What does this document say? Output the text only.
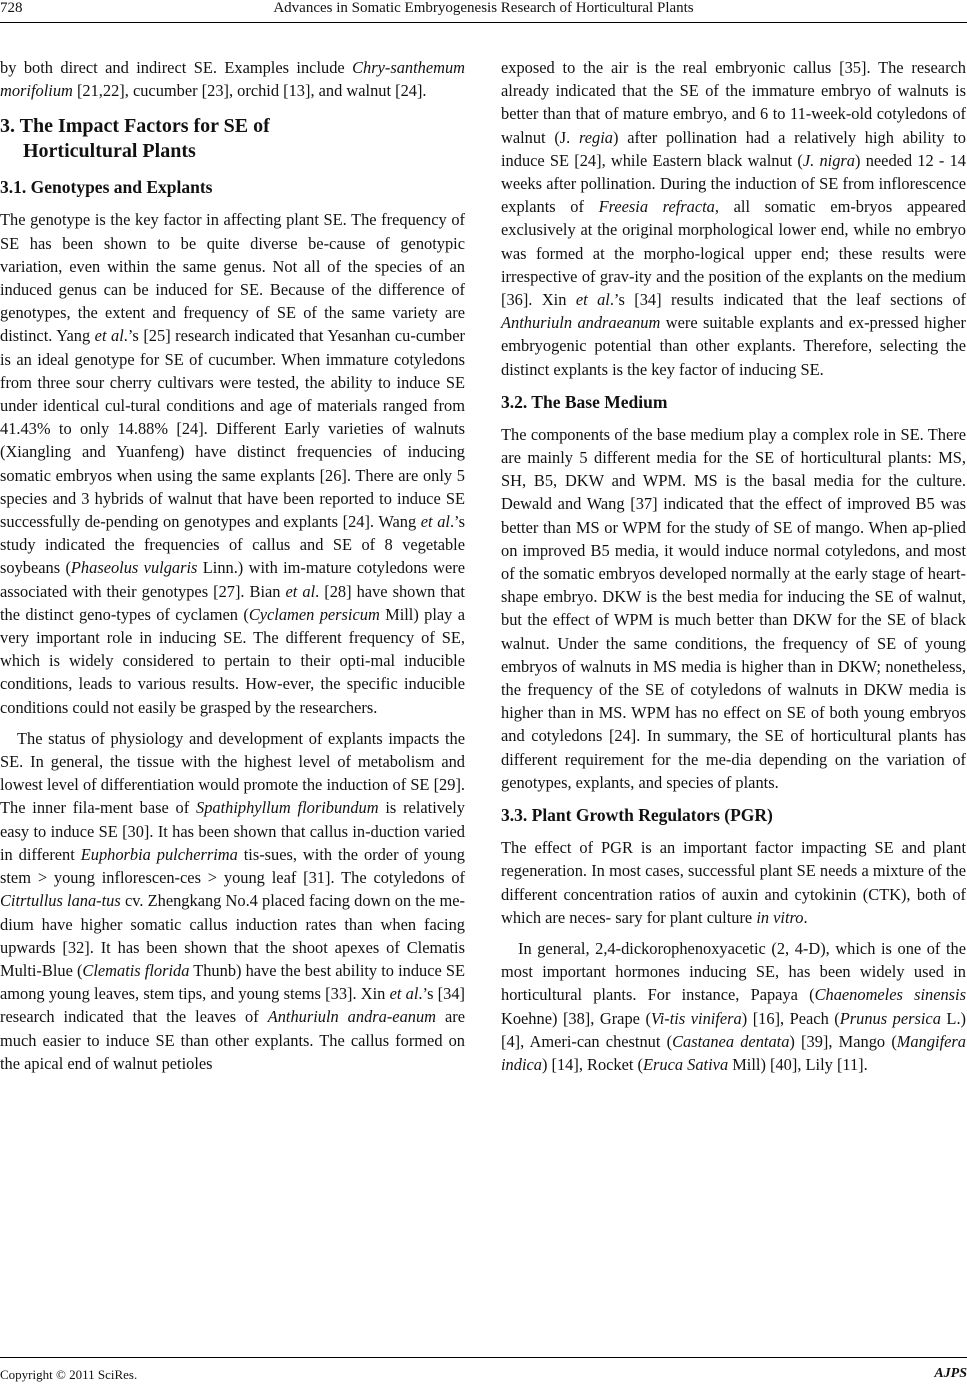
728	Advances in Somatic Embryogenesis Research of Horticultural Plants

by both direct and indirect SE. Examples include Chry-santhemum morifolium [21,22], cucumber [23], orchid [13], and walnut [24].

3. The Impact Factors for SE of
Horticultural Plants
3.1. Genotypes and Explants

The genotype is the key factor in affecting plant SE. The frequency of SE has been shown to be quite diverse be-cause of genotypic variation, even within the same genus. Not all of the species of an induced genus can be induced for SE. Because of the difference of genotypes, the extent and frequency of SE of the same variety are distinct. Yang et al.’s [25] research indicated that Yesanhan cu-cumber is an ideal genotype for SE of cucumber. When immature cotyledons from three sour cherry cultivars were tested, the ability to induce SE under identical cul-tural conditions and age of materials ranged from 41.43% to only 14.88% [24]. Different Early varieties of walnuts (Xiangling and Yuanfeng) have distinct frequencies of inducing somatic embryos when using the same explants [26]. There are only 5 species and 3 hybrids of walnut that have been reported to induce SE successfully de-pending on genotypes and explants [24]. Wang et al.’s study indicated the frequencies of callus and SE of 8 vegetable soybeans (Phaseolus vulgaris Linn.) with im-mature cotyledons were associated with their genotypes [27]. Bian et al. [28] have shown that the distinct geno-types of cyclamen (Cyclamen persicum Mill) play a very important role in inducing SE. The different frequency of SE, which is widely considered to pertain to their opti-mal inducible conditions, leads to various results. How-ever, the specific inducible conditions could not easily be grasped by the researchers.

The status of physiology and development of explants impacts the SE. In general, the tissue with the highest level of metabolism and lowest level of differentiation would promote the induction of SE [29]. The inner fila-ment base of Spathiphyllum floribundum is relatively easy to induce SE [30]. It has been shown that callus in-duction varied in different Euphorbia pulcherrima tis-sues, with the order of young stem > young inflorescen-ces > young leaf [31]. The cotyledons of Citrtullus lana-tus cv. Zhengkang No.4 placed facing down on the me-dium have higher somatic callus induction rates than when facing upwards [32]. It has been shown that the shoot apexes of Clematis Multi-Blue (Clematis florida Thunb) have the best ability to induce SE among young leaves, stem tips, and young stems [33]. Xin et al.’s [34] research indicated that the leaves of Anthuriuln andra-eanum are much easier to induce SE than other explants. The callus formed on the apical end of walnut petioles

exposed to the air is the real embryonic callus [35]. The research already indicated that the SE of the immature embryo of walnuts is better than that of mature embryo, and 6 to 11-week-old cotyledons of walnut (J. regia) after pollination had a relatively high ability to induce SE [24], while Eastern black walnut (J. nigra) needed 12 - 14 weeks after pollination. During the induction of SE from inflorescence explants of Freesia refracta, all somatic em-bryos appeared exclusively at the original morphological lower end, while no embryo was formed at the morpho-logical upper end; these results were irrespective of grav-ity and the position of the explants on the medium [36]. Xin et al.’s [34] results indicated that the leaf sections of Anthuriuln andraeanum were suitable explants and ex-pressed higher embryogenic potential than other explants. Therefore, selecting the distinct explants is the key factor of inducing SE.

3.2. The Base Medium

The components of the base medium play a complex role in SE. There are mainly 5 different media for the SE of horticultural plants: MS, SH, B5, DKW and WPM. MS is the basal media for the culture. Dewald and Wang [37] indicated that the effect of improved B5 was better than MS or WPM for the study of SE of mango. When ap-plied on improved B5 media, it would induce normal cotyledons, and most of the somatic embryos developed normally at the early stage of heart-shape embryo. DKW is the best media for inducing the SE of walnut, but the effect of WPM is much better than DKW for the SE of black walnut. Under the same conditions, the frequency of SE of young embryos of walnuts in MS media is higher than in DKW; nonetheless, the frequency of the SE of cotyledons of walnuts in DKW media is higher than in MS. WPM has no effect on SE of both young embryos and cotyledons [24]. In summary, the SE of horticultural plants has different requirement for the me-dia depending on the variation of genotypes, explants, and species of plants.

3.3. Plant Growth Regulators (PGR)

The effect of PGR is an important factor impacting SE and plant regeneration. In most cases, successful plant SE needs a mixture of the different concentration ratios of auxin and cytokinin (CTK), both of which are neces- sary for plant culture in vitro.

In general, 2,4-dickorophenoxyacetic (2, 4-D), which is one of the most important hormones inducing SE, has been widely used in horticultural plants. For instance, Papaya (Chaenomeles sinensis Koehne) [38], Grape (Vi-tis vinifera) [16], Peach (Prunus persica L.) [4], Ameri-can chestnut (Castanea dentata) [39], Mango (Mangifera indica) [14], Rocket (Eruca Sativa Mill) [40], Lily [11].

Copyright © 2011 SciRes.	AJPS
